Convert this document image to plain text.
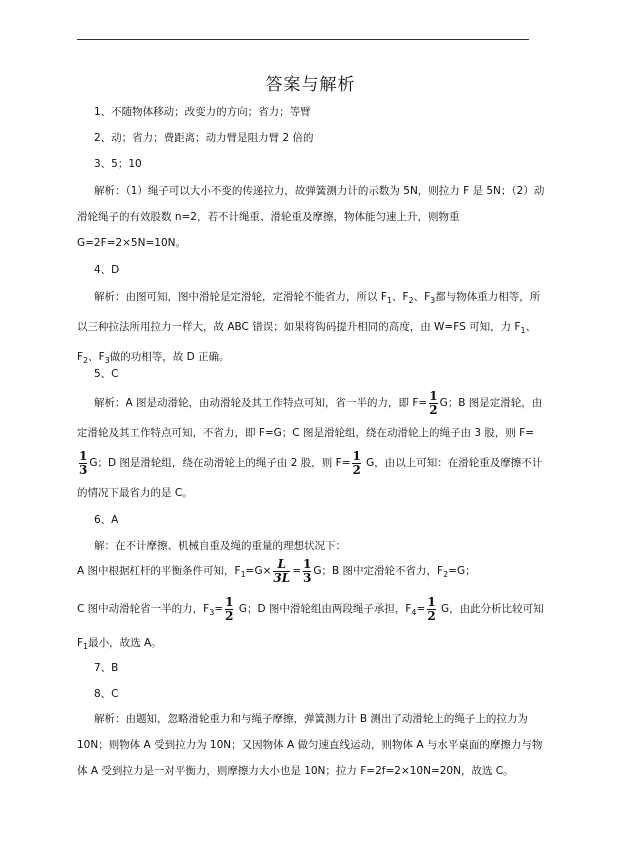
答案与解析
1、不随物体移动；改变力的方向；省力；等臂
2、动；省力；费距离；动力臂是阻力臂 2 倍的
3、5；10

解析：（1）绳子可以大小不变的传递拉力，故弹簧测力计的示数为 5N，则拉力 F 是 5N；（2）动滑轮绳子的有效股数 n=2，若不计绳重、滑轮重及摩擦，物体能匀速上升，则物重 G=2F=2×5N=10N。

4、D

解析：由图可知，图中滑轮是定滑轮，定滑轮不能省力，所以 $F_1$、$F_2$、$F_3$都与物体重力相等，所以三种拉法所用拉力一样大，故 ABC 错误；如果将钩码提升相同的高度，由 W=FS 可知，力 $F_1$、$F_2$、$F_3$做的功相等，故 D 正确。

5、C

解析：A 图是动滑轮，由动滑轮及其工作特点可知，省一半的力，即 $F= \frac{1}{2}$ G；B 图是定滑轮，由定滑轮及其工作特点可知，不省力，即 F=G；C 图是滑轮组，绕在动滑轮上的绳子由 3 股，则 F=
$\frac{1}{3}$ G；D 图是滑轮组，绕在动滑轮上的绳子由 2 股，则 $F= \frac{1}{2}$ G，由以上可知：在滑轮重及摩擦不计的情况下最省力的是 C。

6、A
解：在不计摩擦、机械自重及绳的重量的理想状况下：

A 图中根据杠杆的平衡条件可知，$F_1=G\times \frac{L}{3L} = \frac{1}{3}$ G；B 图中定滑轮不省力，$F_2=G$；

C 图中动滑轮省一半的力，$F_3= \frac{1}{2}$ G；D 图中滑轮组由两段绳子承担，$F_4= \frac{1}{2}$ G，由此分析比较可知 $F_1$最小，故选 A。

7、B
8、C

解析：由题知，忽略滑轮重力和与绳子摩擦，弹簧测力计 B 测出了动滑轮上的绳子上的拉力为 10N；则物体 A 受到拉力为 10N；又因物体 A 做匀速直线运动，则物体 A 与水平桌面的摩擦力与物体 A 受到拉力是一对平衡力，则摩擦力大小也是 10N；拉力 F=2f=2×10N=20N，故选 C。
